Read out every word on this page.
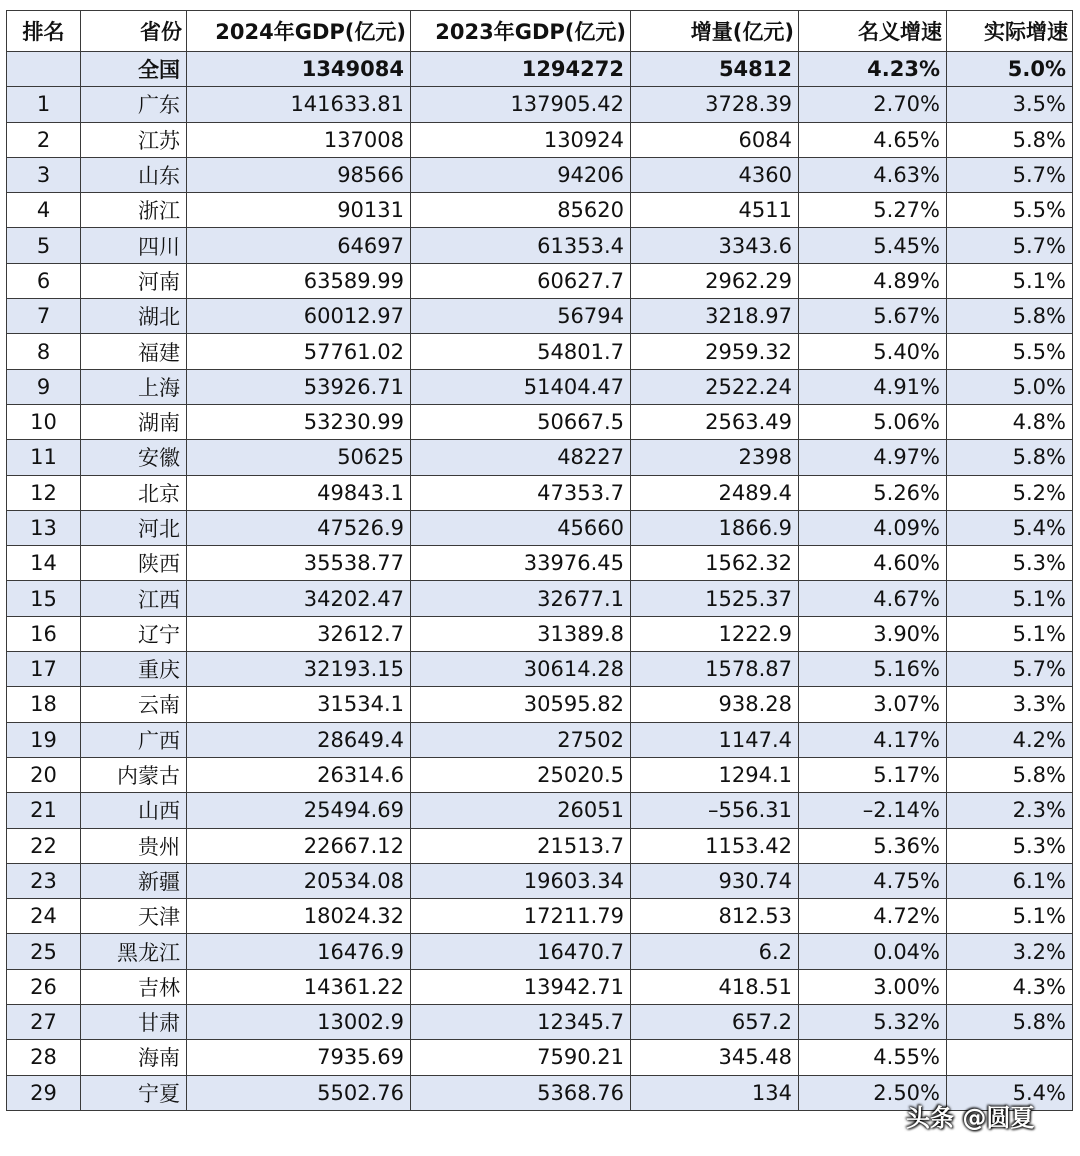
排名	省份	2024年GDP(亿元)	2023年GDP(亿元)	增量(亿元)	名义增速	实际增速
	全国	1349084	1294272	54812	4.23%	5.0%
1	广东	141633.81	137905.42	3728.39	2.70%	3.5%
2	江苏	137008	130924	6084	4.65%	5.8%
3	山东	98566	94206	4360	4.63%	5.7%
4	浙江	90131	85620	4511	5.27%	5.5%
5	四川	64697	61353.4	3343.6	5.45%	5.7%
6	河南	63589.99	60627.7	2962.29	4.89%	5.1%
7	湖北	60012.97	56794	3218.97	5.67%	5.8%
8	福建	57761.02	54801.7	2959.32	5.40%	5.5%
9	上海	53926.71	51404.47	2522.24	4.91%	5.0%
10	湖南	53230.99	50667.5	2563.49	5.06%	4.8%
11	安徽	50625	48227	2398	4.97%	5.8%
12	北京	49843.1	47353.7	2489.4	5.26%	5.2%
13	河北	47526.9	45660	1866.9	4.09%	5.4%
14	陕西	35538.77	33976.45	1562.32	4.60%	5.3%
15	江西	34202.47	32677.1	1525.37	4.67%	5.1%
16	辽宁	32612.7	31389.8	1222.9	3.90%	5.1%
17	重庆	32193.15	30614.28	1578.87	5.16%	5.7%
18	云南	31534.1	30595.82	938.28	3.07%	3.3%
19	广西	28649.4	27502	1147.4	4.17%	4.2%
20	内蒙古	26314.6	25020.5	1294.1	5.17%	5.8%
21	山西	25494.69	26051	–556.31	–2.14%	2.3%
22	贵州	22667.12	21513.7	1153.42	5.36%	5.3%
23	新疆	20534.08	19603.34	930.74	4.75%	6.1%
24	天津	18024.32	17211.79	812.53	4.72%	5.1%
25	黑龙江	16476.9	16470.7	6.2	0.04%	3.2%
26	吉林	14361.22	13942.71	418.51	3.00%	4.3%
27	甘肃	13002.9	12345.7	657.2	5.32%	5.8%
28	海南	7935.69	7590.21	345.48	4.55%	
29	宁夏	5502.76	5368.76	134	2.50%	5.4%
头条 @圆夏
